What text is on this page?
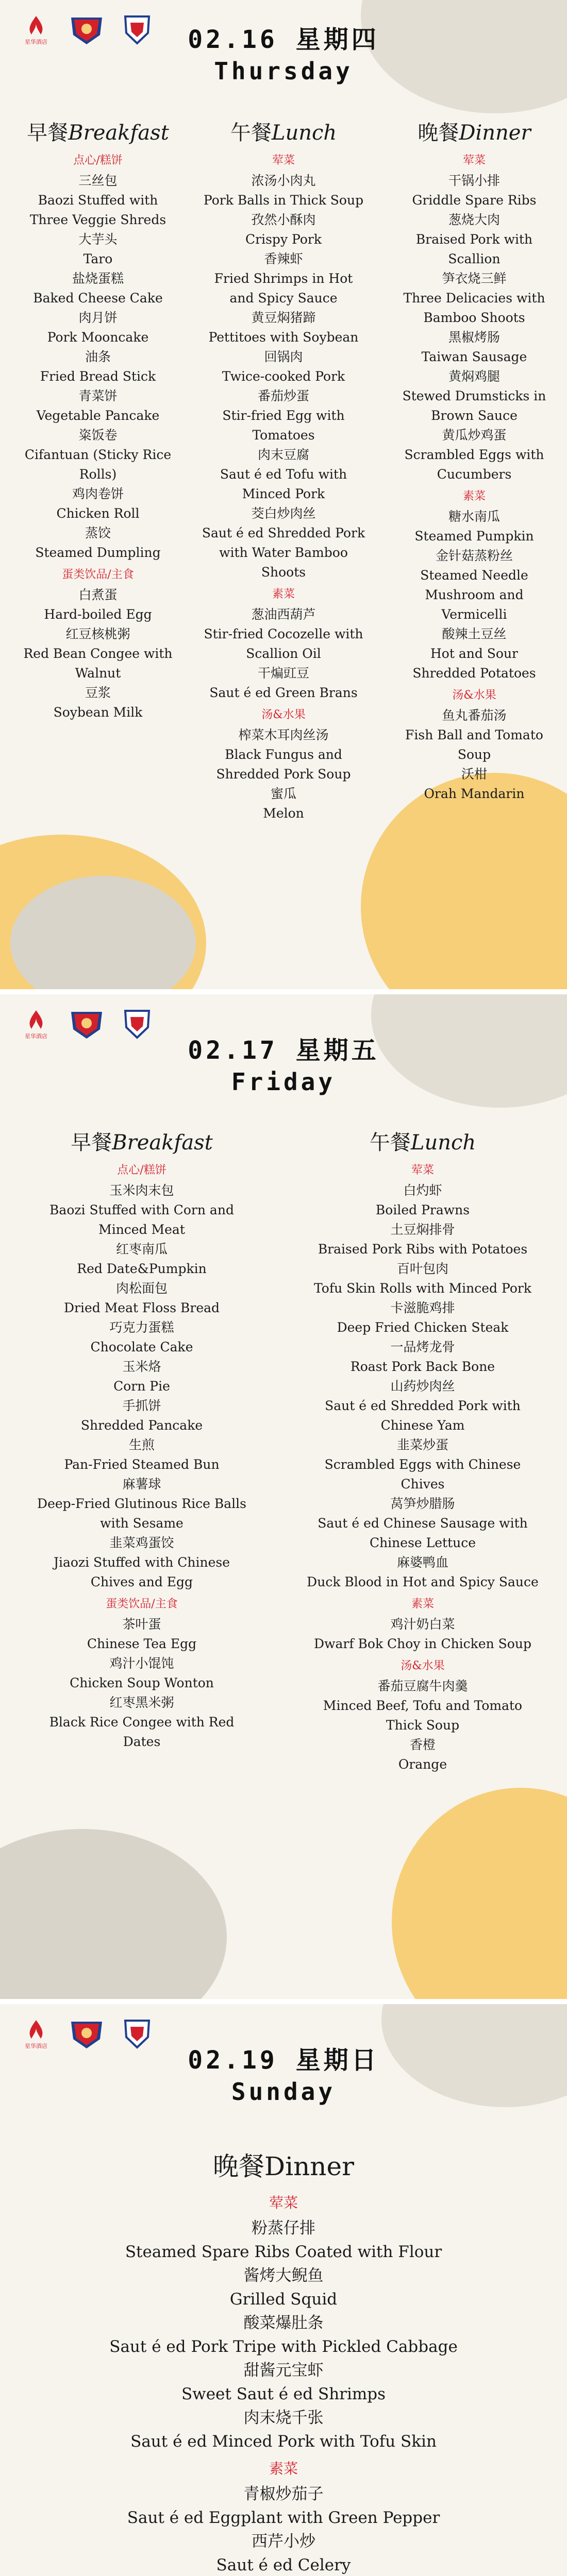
星华酒店	02.16 星期四
Thursday
早餐Breakfast
点心/糕饼
三丝包
Baozi Stuffed with Three Veggie Shreds
大芋头
Taro
盐烧蛋糕
Baked Cheese Cake
肉月饼
Pork Mooncake
油条
Fried Bread Stick
青菜饼
Vegetable Pancake
粢饭卷
Cifantuan (Sticky Rice Rolls)
鸡肉卷饼
Chicken Roll
蒸饺
Steamed Dumpling
蛋类饮品/主食
白煮蛋
Hard-boiled Egg
红豆核桃粥
Red Bean Congee with Walnut
豆浆
Soybean Milk
午餐Lunch
荤菜
浓汤小肉丸
Pork Balls in Thick Soup
孜然小酥肉
Crispy Pork
香辣虾
Fried Shrimps in Hot and Spicy Sauce
黄豆焖猪蹄
Pettitoes with Soybean
回锅肉
Twice-cooked Pork
番茄炒蛋
Stir-fried Egg with Tomatoes
肉末豆腐
Saut é ed Tofu with Minced Pork
茭白炒肉丝
Saut é ed Shredded Pork with Water Bamboo Shoots
素菜
葱油西葫芦
Stir-fried Cocozelle with Scallion Oil
干煸豇豆
Saut é ed Green Brans
汤&水果
榨菜木耳肉丝汤
Black Fungus and Shredded Pork Soup
蜜瓜
Melon
晚餐Dinner
荤菜
干锅小排
Griddle Spare Ribs
葱烧大肉
Braised Pork with Scallion
笋衣烧三鲜
Three Delicacies with Bamboo Shoots
黑椒烤肠
Taiwan Sausage
黄焖鸡腿
Stewed Drumsticks in Brown Sauce
黄瓜炒鸡蛋
Scrambled Eggs with Cucumbers
素菜
糖水南瓜
Steamed Pumpkin
金针菇蒸粉丝
Steamed Needle Mushroom and Vermicelli
酸辣土豆丝
Hot and Sour Shredded Potatoes
汤&水果
鱼丸番茄汤
Fish Ball and Tomato Soup
沃柑
Orah Mandarin
星华酒店	02.17 星期五
Friday
早餐Breakfast
点心/糕饼
玉米肉末包
Baozi Stuffed with Corn and Minced Meat
红枣南瓜
Red Date&Pumpkin
肉松面包
Dried Meat Floss Bread
巧克力蛋糕
Chocolate Cake
玉米烙
Corn Pie
手抓饼
Shredded Pancake
生煎
Pan-Fried Steamed Bun
麻薯球
Deep-Fried Glutinous Rice Balls with Sesame
韭菜鸡蛋饺
Jiaozi Stuffed with Chinese Chives and Egg
蛋类饮品/主食
茶叶蛋
Chinese Tea Egg
鸡汁小馄饨
Chicken Soup Wonton
红枣黑米粥
Black Rice Congee with Red Dates
午餐Lunch
荤菜
白灼虾
Boiled Prawns
土豆焖排骨
Braised Pork Ribs with Potatoes
百叶包肉
Tofu Skin Rolls with Minced Pork
卡滋脆鸡排
Deep Fried Chicken Steak
一品烤龙骨
Roast Pork Back Bone
山药炒肉丝
Saut é ed Shredded Pork with Chinese Yam
韭菜炒蛋
Scrambled Eggs with Chinese Chives
莴笋炒腊肠
Saut é ed Chinese Sausage with Chinese Lettuce
麻婆鸭血
Duck Blood in Hot and Spicy Sauce
素菜
鸡汁奶白菜
Dwarf Bok Choy in Chicken Soup
汤&水果
番茄豆腐牛肉羹
Minced Beef, Tofu and Tomato Thick Soup
香橙
Orange
星华酒店	02.19 星期日
Sunday
晚餐Dinner
荤菜
粉蒸仔排
Steamed Spare Ribs Coated with Flour
酱烤大鲵鱼
Grilled Squid
酸菜爆肚条
Saut é ed Pork Tripe with Pickled Cabbage
甜酱元宝虾
Sweet Saut é ed Shrimps
肉末烧千张
Saut é ed Minced Pork with Tofu Skin
素菜
青椒炒茄子
Saut é ed Eggplant with Green Pepper
西芹小炒
Saut é ed Celery
